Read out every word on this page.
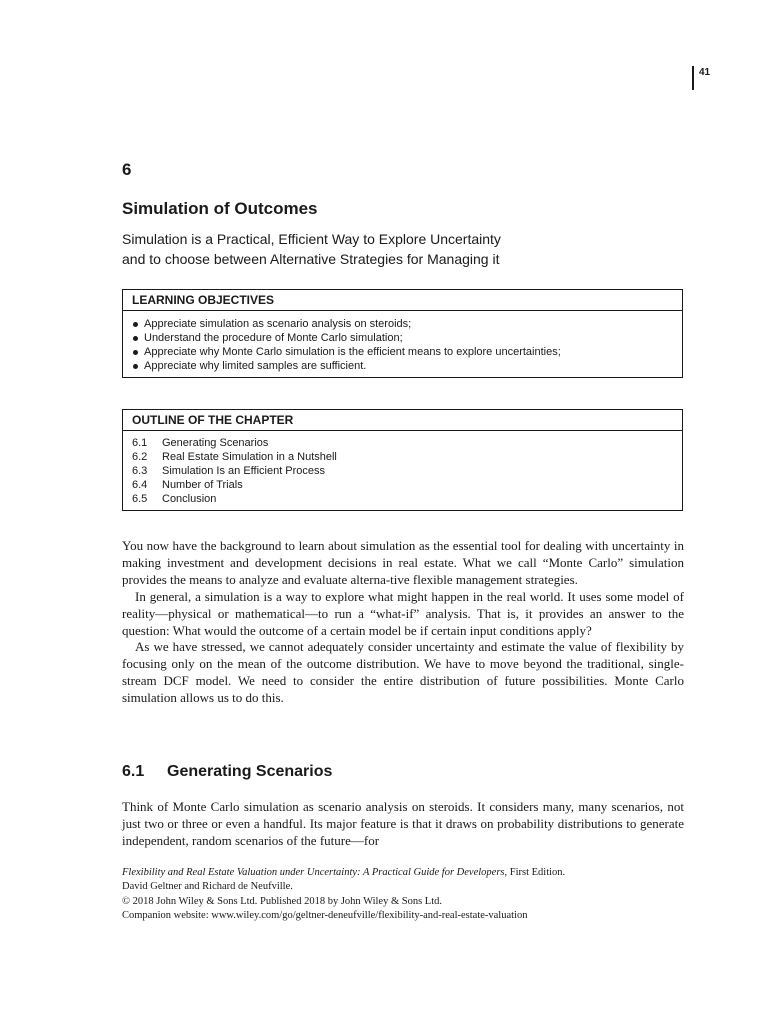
41
6
Simulation of Outcomes
Simulation is a Practical, Efficient Way to Explore Uncertainty
and to choose between Alternative Strategies for Managing it
LEARNING OBJECTIVES
Appreciate simulation as scenario analysis on steroids;
Understand the procedure of Monte Carlo simulation;
Appreciate why Monte Carlo simulation is the efficient means to explore uncertainties;
Appreciate why limited samples are sufficient.
OUTLINE OF THE CHAPTER
6.1 Generating Scenarios
6.2 Real Estate Simulation in a Nutshell
6.3 Simulation Is an Efficient Process
6.4 Number of Trials
6.5 Conclusion

You now have the background to learn about simulation as the essential tool for dealing with uncertainty in making investment and development decisions in real estate. What we call “Monte Carlo” simulation provides the means to analyze and evaluate alterna-tive flexible management strategies.

In general, a simulation is a way to explore what might happen in the real world. It uses some model of reality—physical or mathematical—to run a “what-if” analysis. That is, it provides an answer to the question: What would the outcome of a certain model be if certain input conditions apply?

As we have stressed, we cannot adequately consider uncertainty and estimate the value of flexibility by focusing only on the mean of the outcome distribution. We have to move beyond the traditional, single-stream DCF model. We need to consider the entire distribution of future possibilities. Monte Carlo simulation allows us to do this.

6.1 Generating Scenarios

Think of Monte Carlo simulation as scenario analysis on steroids. It considers many, many scenarios, not just two or three or even a handful. Its major feature is that it draws on probability distributions to generate independent, random scenarios of the future—for

Flexibility and Real Estate Valuation under Uncertainty: A Practical Guide for Developers, First Edition.
David Geltner and Richard de Neufville.
© 2018 John Wiley & Sons Ltd. Published 2018 by John Wiley & Sons Ltd.
Companion website: www.wiley.com/go/geltner-deneufville/flexibility-and-real-estate-valuation
